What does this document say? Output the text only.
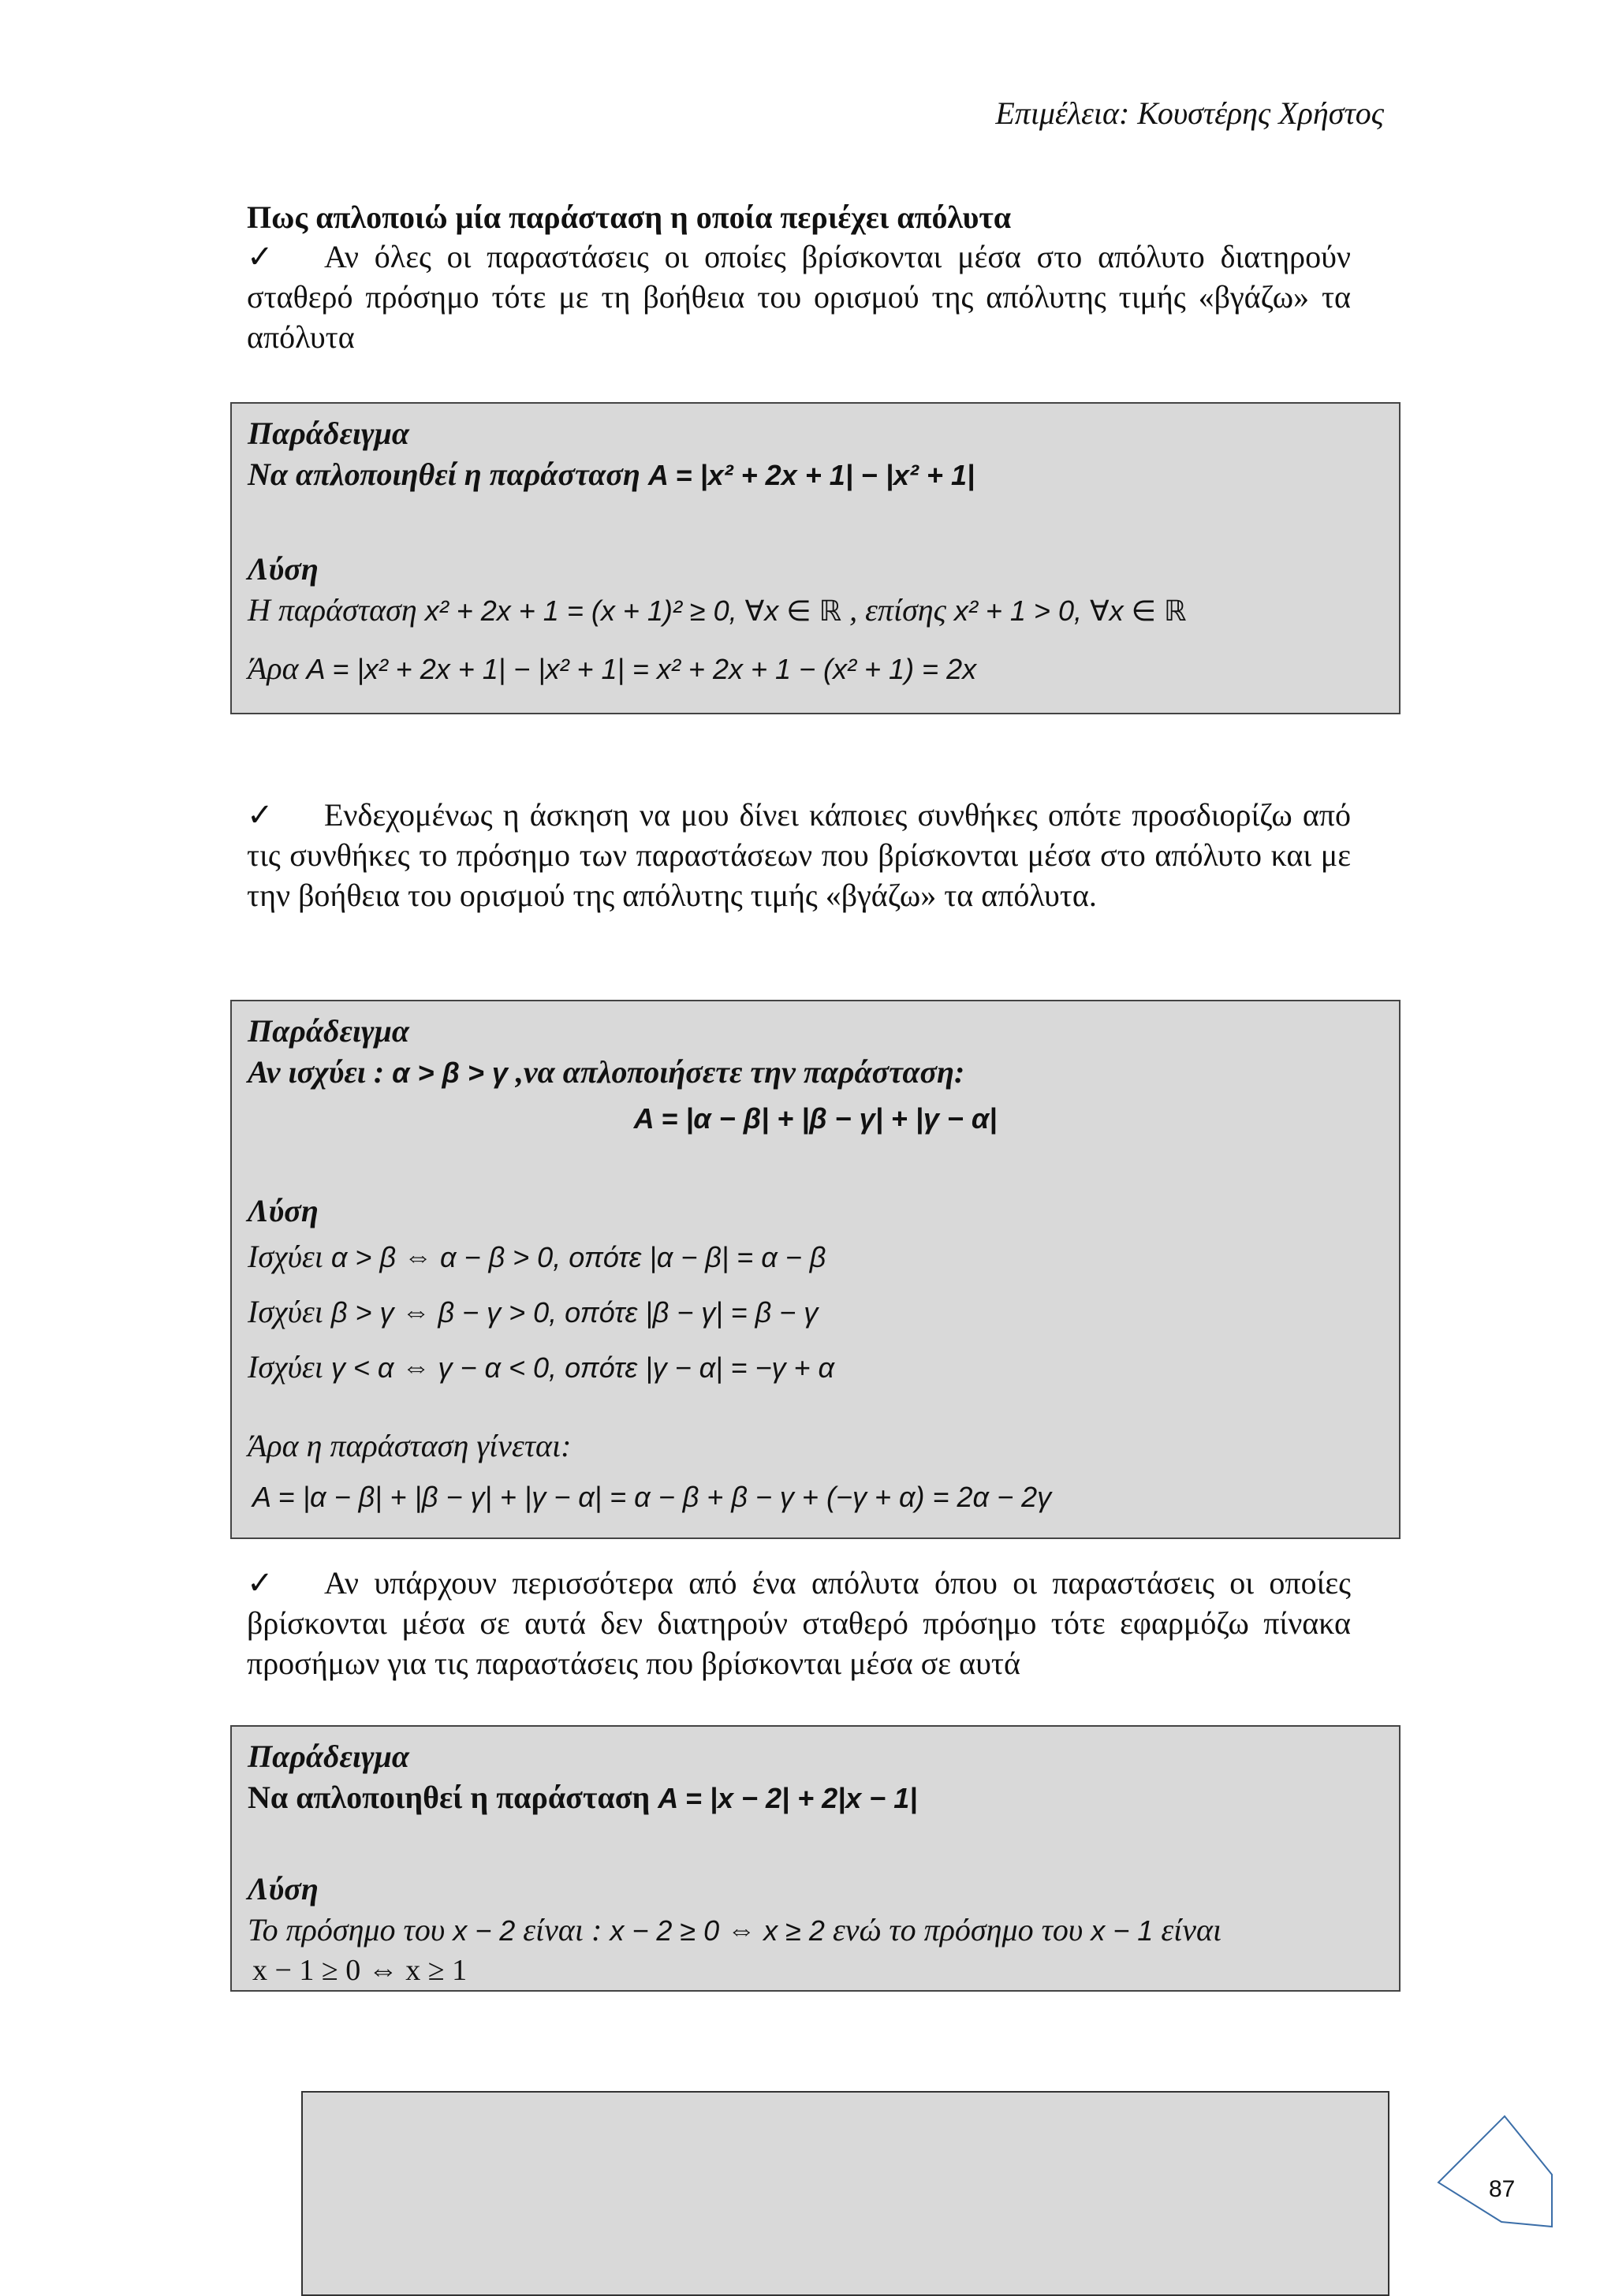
Επιμέλεια: Κουστέρης Χρήστος
Πως απλοποιώ μία παράσταση η οποία περιέχει απόλυτα
✓ Αν όλες οι παραστάσεις οι οποίες βρίσκονται μέσα στο απόλυτο διατηρούν σταθερό πρόσημο τότε με τη βοήθεια του ορισμού της απόλυτης τιμής «βγάζω» τα απόλυτα
Παράδειγμα
Να απλοποιηθεί η παράσταση A = |x² + 2x + 1| − |x² + 1|
Λύση
Η παράσταση x² + 2x + 1 = (x + 1)² ≥ 0, ∀x ∈ ℝ , επίσης x² + 1 > 0, ∀x ∈ ℝ
Άρα A = |x² + 2x + 1| − |x² + 1| = x² + 2x + 1 − (x² + 1) = 2x
✓ Ενδεχομένως η άσκηση να μου δίνει κάποιες συνθήκες οπότε προσδιορίζω από τις συνθήκες το πρόσημο των παραστάσεων που βρίσκονται μέσα στο απόλυτο και με την βοήθεια του ορισμού της απόλυτης τιμής «βγάζω» τα απόλυτα.
Παράδειγμα
Αν ισχύει : α > β > γ ,να απλοποιήσετε την παράσταση:
A = |α − β| + |β − γ| + |γ − α|
Λύση
Ισχύει α > β ⇔ α − β > 0, οπότε |α − β| = α − β
Ισχύει β > γ ⇔ β − γ > 0, οπότε |β − γ| = β − γ
Ισχύει γ < α ⇔ γ − α < 0, οπότε |γ − α| = −γ + α
Άρα η παράσταση γίνεται:
A = |α − β| + |β − γ| + |γ − α| = α − β + β − γ + (−γ + α) = 2α − 2γ
✓ Αν υπάρχουν περισσότερα από ένα απόλυτα όπου οι παραστάσεις οι οποίες βρίσκονται μέσα σε αυτά δεν διατηρούν σταθερό πρόσημο τότε εφαρμόζω πίνακα προσήμων για τις παραστάσεις που βρίσκονται μέσα σε αυτά
Παράδειγμα
Να απλοποιηθεί η παράσταση A = |x − 2| + 2|x − 1|
Λύση
Το πρόσημο του x − 2 είναι : x − 2 ≥ 0 ⇔ x ≥ 2 ενώ το πρόσημο του x − 1 είναι
x − 1 ≥ 0 ⇔ x ≥ 1
87
